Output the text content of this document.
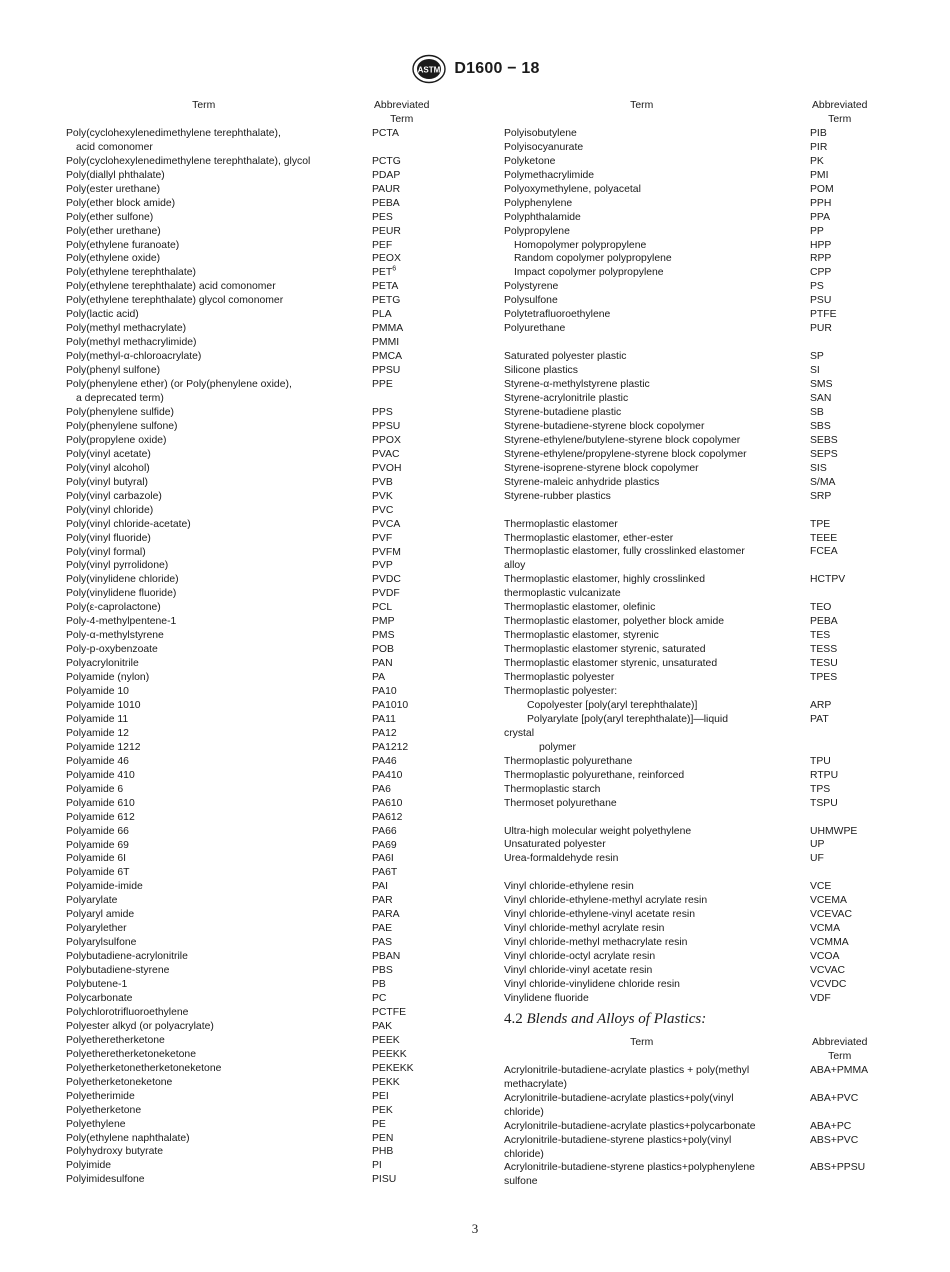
ASTM D1600 − 18
Term	Abbreviated
Term
Poly(cyclohexylenedimethylene terephthalate),	PCTA
acid comonomer
Poly(cyclohexylenedimethylene terephthalate), glycol	PCTG
Poly(diallyl phthalate)	PDAP
Poly(ester urethane)	PAUR
Poly(ether block amide)	PEBA
Poly(ether sulfone)	PES
Poly(ether urethane)	PEUR
Poly(ethylene furanoate)	PEF
Poly(ethylene oxide)	PEOX
Poly(ethylene terephthalate)	PET$^6$
Poly(ethylene terephthalate) acid comonomer	PETA
Poly(ethylene terephthalate) glycol comonomer	PETG
Poly(lactic acid)	PLA
Poly(methyl methacrylate)	PMMA
Poly(methyl methacrylimide)	PMMI
Poly(methyl-α-chloroacrylate)	PMCA
Poly(phenyl sulfone)	PPSU
Poly(phenylene ether) (or Poly(phenylene oxide),	PPE
a deprecated term)
Poly(phenylene sulfide)	PPS
Poly(phenylene sulfone)	PPSU
Poly(propylene oxide)	PPOX
Poly(vinyl acetate)	PVAC
Poly(vinyl alcohol)	PVOH
Poly(vinyl butyral)	PVB
Poly(vinyl carbazole)	PVK
Poly(vinyl chloride)	PVC
Poly(vinyl chloride-acetate)	PVCA
Poly(vinyl fluoride)	PVF
Poly(vinyl formal)	PVFM
Poly(vinyl pyrrolidone)	PVP
Poly(vinylidene chloride)	PVDC
Poly(vinylidene fluoride)	PVDF
Poly(ε-caprolactone)	PCL
Poly-4-methylpentene-1	PMP
Poly-α-methylstyrene	PMS
Poly-p-oxybenzoate	POB
Polyacrylonitrile	PAN
Polyamide (nylon)	PA
Polyamide 10	PA10
Polyamide 1010	PA1010
Polyamide 11	PA11
Polyamide 12	PA12
Polyamide 1212	PA1212
Polyamide 46	PA46
Polyamide 410	PA410
Polyamide 6	PA6
Polyamide 610	PA610
Polyamide 612	PA612
Polyamide 66	PA66
Polyamide 69	PA69
Polyamide 6I	PA6I
Polyamide 6T	PA6T
Polyamide-imide	PAI
Polyarylate	PAR
Polyaryl amide	PARA
Polyarylether	PAE
Polyarylsulfone	PAS
Polybutadiene-acrylonitrile	PBAN
Polybutadiene-styrene	PBS
Polybutene-1	PB
Polycarbonate	PC
Polychlorotrifluoroethylene	PCTFE
Polyester alkyd (or polyacrylate)	PAK
Polyetheretherketone	PEEK
Polyetheretherketoneketone	PEEKK
Polyetherketonetherketoneketone	PEKEKK
Polyetherketoneketone	PEKK
Polyetherimide	PEI
Polyetherketone	PEK
Polyethylene	PE
Poly(ethylene naphthalate)	PEN
Polyhydroxy butyrate	PHB
Polyimide	PI
Polyimidesulfone	PISU
Term	Abbreviated
Term
Polyisobutylene	PIB
Polyisocyanurate	PIR
Polyketone	PK
Polymethacrylimide	PMI
Polyoxymethylene, polyacetal	POM
Polyphenylene	PPH
Polyphthalamide	PPA
Polypropylene	PP
Homopolymer polypropylene	HPP
Random copolymer polypropylene	RPP
Impact copolymer polypropylene	CPP
Polystyrene	PS
Polysulfone	PSU
Polytetrafluoroethylene	PTFE
Polyurethane	PUR
Saturated polyester plastic	SP
Silicone plastics	SI
Styrene-α-methylstyrene plastic	SMS
Styrene-acrylonitrile plastic	SAN
Styrene-butadiene plastic	SB
Styrene-butadiene-styrene block copolymer	SBS
Styrene-ethylene/butylene-styrene block copolymer	SEBS
Styrene-ethylene/propylene-styrene block copolymer	SEPS
Styrene-isoprene-styrene block copolymer	SIS
Styrene-maleic anhydride plastics	S/MA
Styrene-rubber plastics	SRP
Thermoplastic elastomer	TPE
Thermoplastic elastomer, ether-ester	TEEE
Thermoplastic elastomer, fully crosslinked elastomer	FCEA
alloy
Thermoplastic elastomer, highly crosslinked	HCTPV
thermoplastic vulcanizate
Thermoplastic elastomer, olefinic	TEO
Thermoplastic elastomer, polyether block amide	PEBA
Thermoplastic elastomer, styrenic	TES
Thermoplastic elastomer styrenic, saturated	TESS
Thermoplastic elastomer styrenic, unsaturated	TESU
Thermoplastic polyester	TPES
Thermoplastic polyester:
Copolyester [poly(aryl terephthalate)]	ARP
Polyarylate [poly(aryl terephthalate)]—liquid	PAT
crystal
polymer
Thermoplastic polyurethane	TPU
Thermoplastic polyurethane, reinforced	RTPU
Thermoplastic starch	TPS
Thermoset polyurethane	TSPU
Ultra-high molecular weight polyethylene	UHMWPE
Unsaturated polyester	UP
Urea-formaldehyde resin	UF
Vinyl chloride-ethylene resin	VCE
Vinyl chloride-ethylene-methyl acrylate resin	VCEMA
Vinyl chloride-ethylene-vinyl acetate resin	VCEVAC
Vinyl chloride-methyl acrylate resin	VCMA
Vinyl chloride-methyl methacrylate resin	VCMMA
Vinyl chloride-octyl acrylate resin	VCOA
Vinyl chloride-vinyl acetate resin	VCVAC
Vinyl chloride-vinylidene chloride resin	VCVDC
Vinylidene fluoride	VDF
4.2 Blends and Alloys of Plastics:
Term	Abbreviated
Term
Acrylonitrile-butadiene-acrylate plastics + poly(methyl	ABA+PMMA
methacrylate)
Acrylonitrile-butadiene-acrylate plastics+poly(vinyl	ABA+PVC
chloride)
Acrylonitrile-butadiene-acrylate plastics+polycarbonate	ABA+PC
Acrylonitrile-butadiene-styrene plastics+poly(vinyl	ABS+PVC
chloride)
Acrylonitrile-butadiene-styrene plastics+polyphenylene	ABS+PPSU
sulfone
3
